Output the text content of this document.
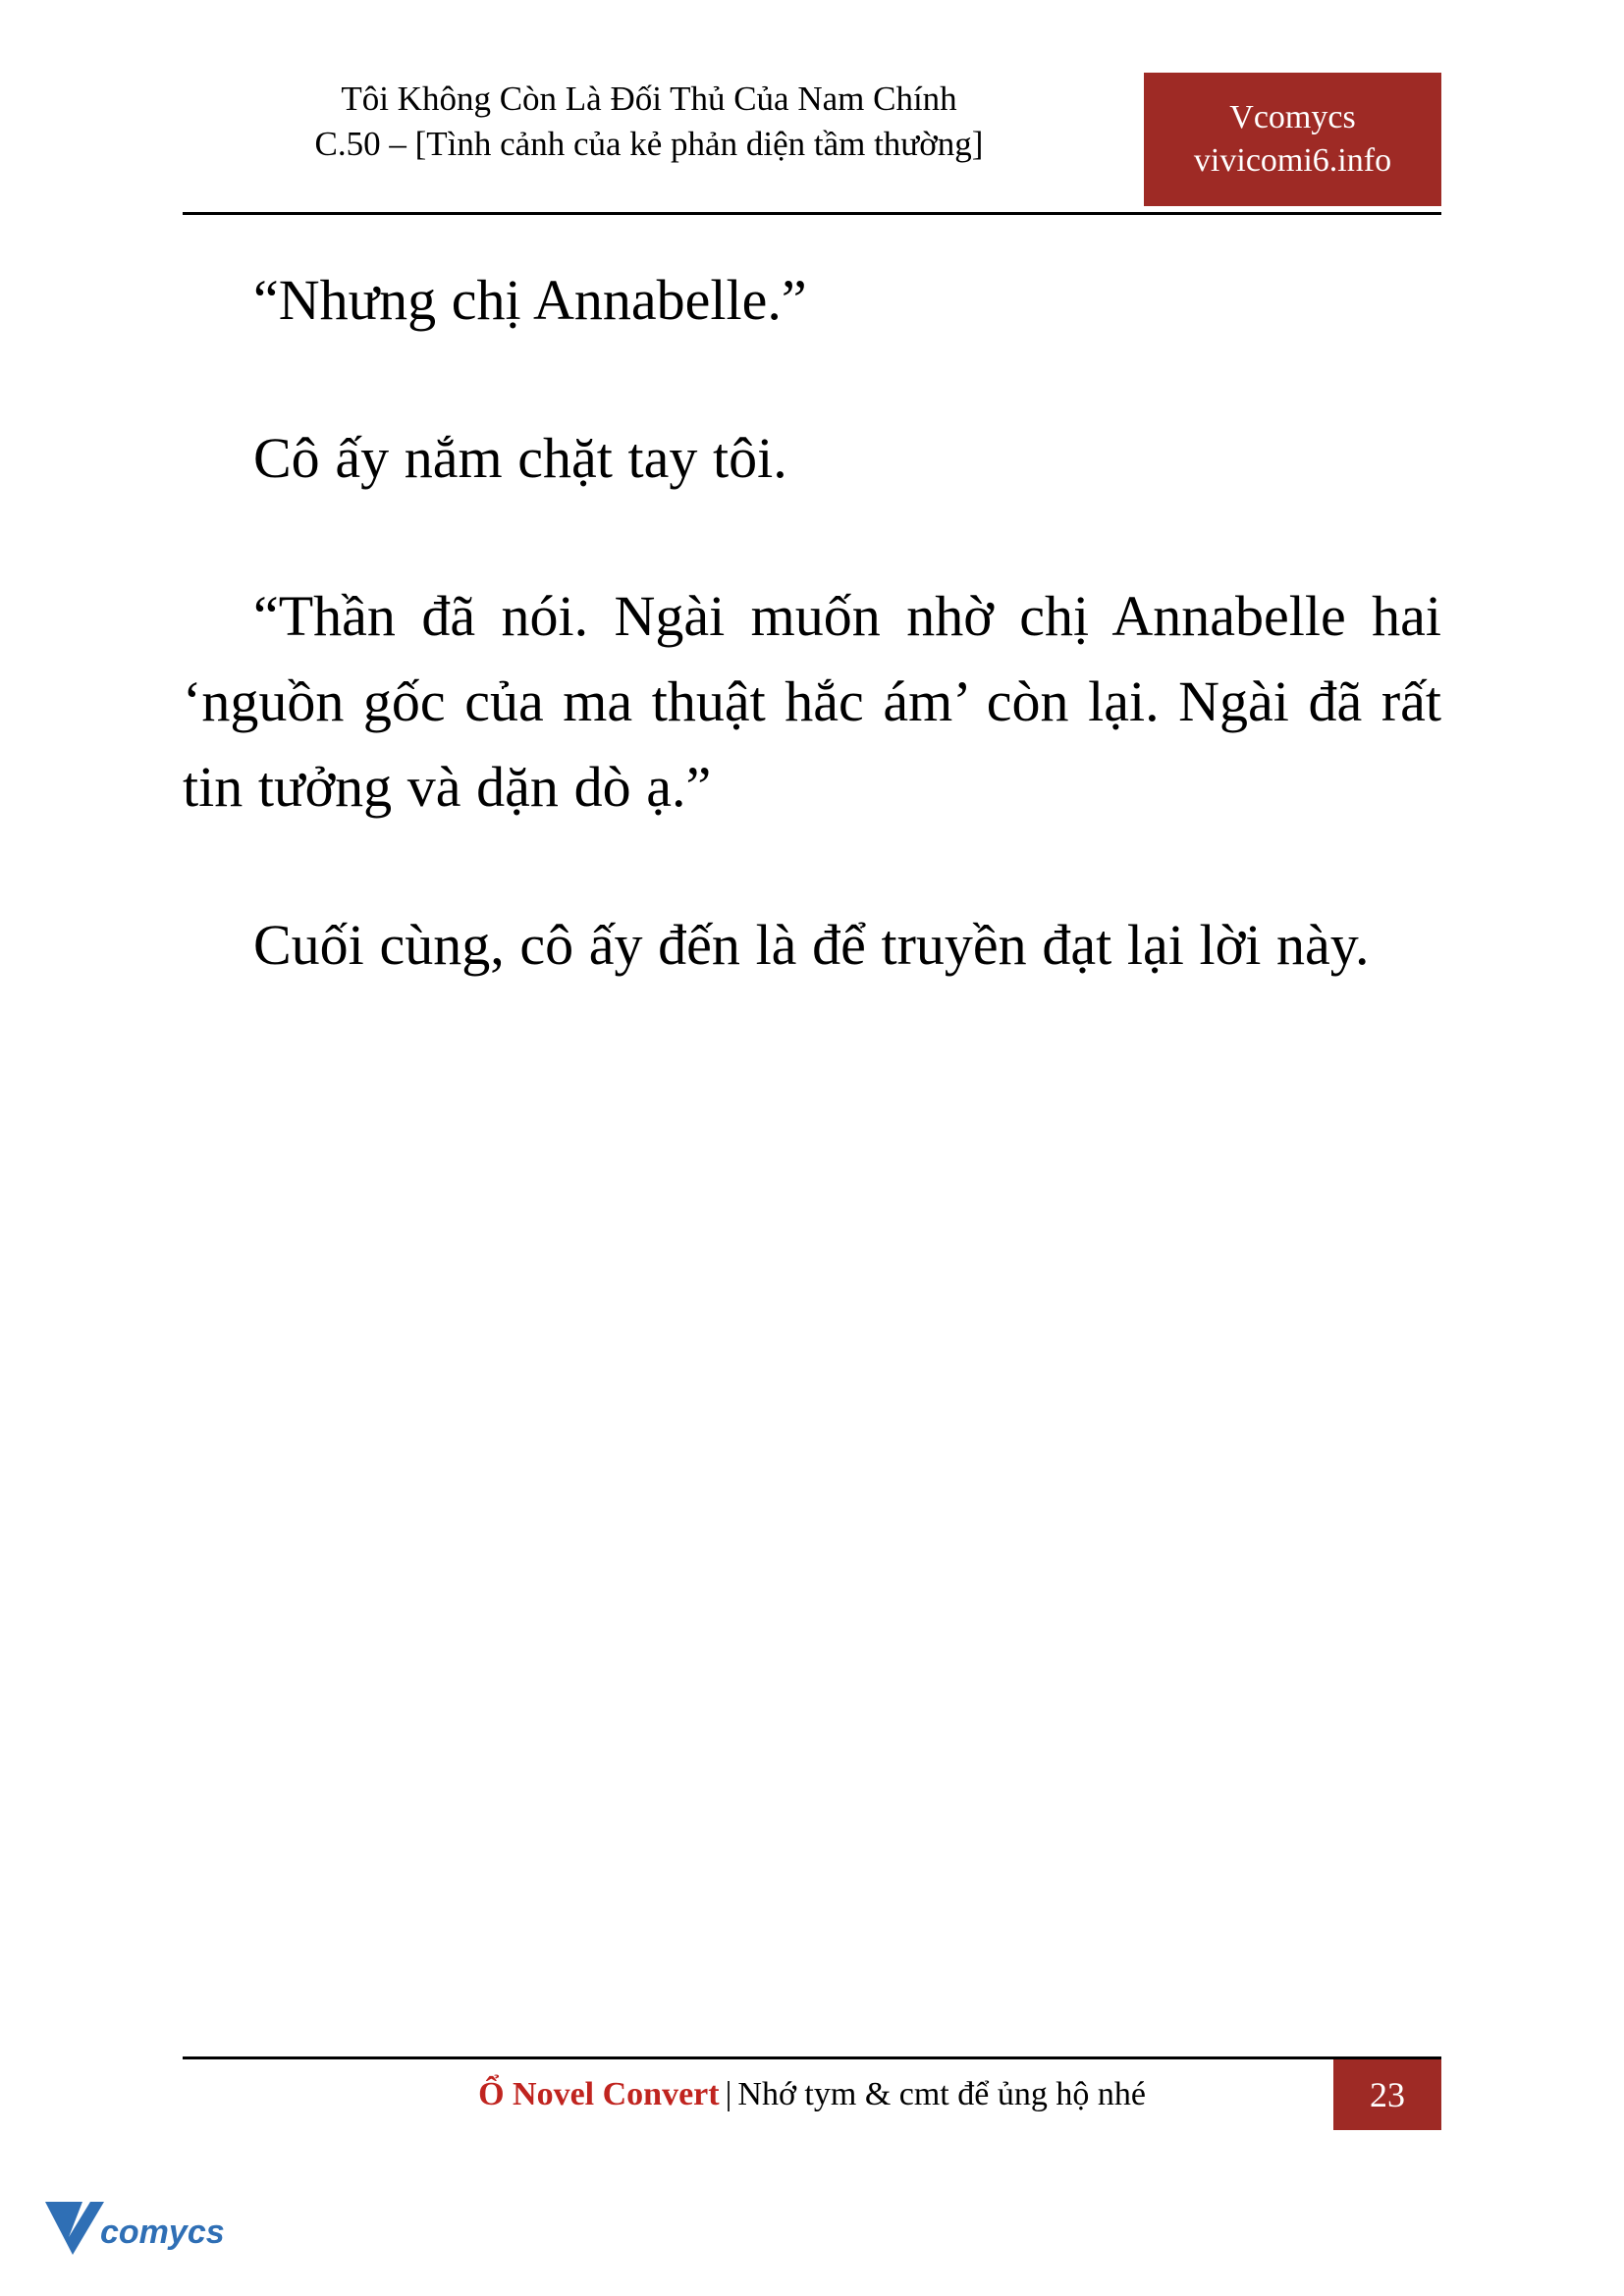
Tôi Không Còn Là Đối Thủ Của Nam Chính
C.50 – [Tình cảnh của kẻ phản diện tầm thường]
Vcomycs
vivicomi6.info

“Nhưng chị Annabelle.”

Cô ấy nắm chặt tay tôi.

“Thần đã nói. Ngài muốn nhờ chị Annabelle hai ‘nguồn gốc của ma thuật hắc ám’ còn lại. Ngài đã rất tin tưởng và dặn dò ạ.”

Cuối cùng, cô ấy đến là để truyền đạt lại lời này.

Ổ Novel Convert | Nhớ tym & cmt để ủng hộ nhé	23
comycs
